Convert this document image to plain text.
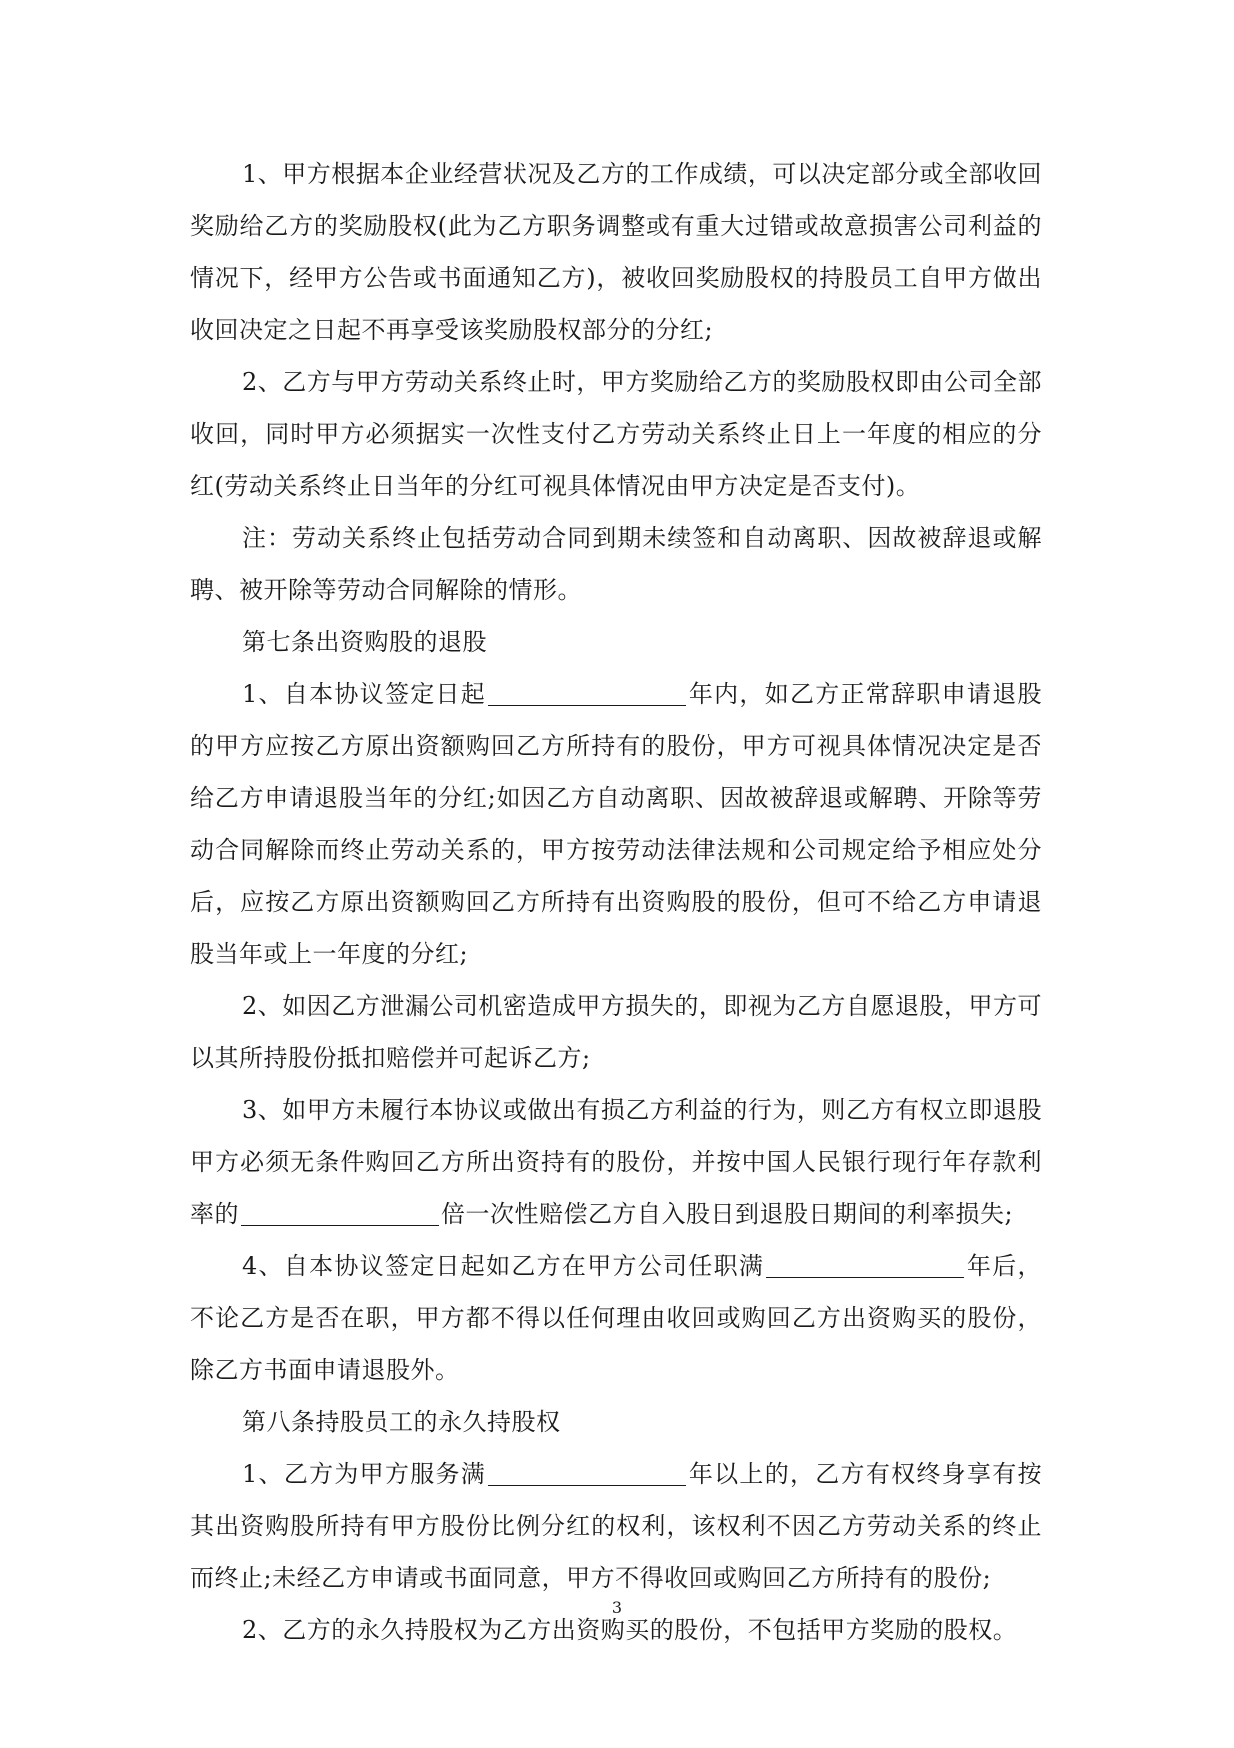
1、甲方根据本企业经营状况及乙方的工作成绩，可以决定部分或全部收回奖励给乙方的奖励股权(此为乙方职务调整或有重大过错或故意损害公司利益的情况下，经甲方公告或书面通知乙方)，被收回奖励股权的持股员工自甲方做出收回决定之日起不再享受该奖励股权部分的分红;

2、乙方与甲方劳动关系终止时，甲方奖励给乙方的奖励股权即由公司全部收回，同时甲方必须据实一次性支付乙方劳动关系终止日上一年度的相应的分红(劳动关系终止日当年的分红可视具体情况由甲方决定是否支付)。

注：劳动关系终止包括劳动合同到期未续签和自动离职、因故被辞退或解聘、被开除等劳动合同解除的情形。

第七条出资购股的退股

1、自本协议签定日起	年内，如乙方正常辞职申请退股的甲方应按乙方原出资额购回乙方所持有的股份，甲方可视具体情况决定是否给乙方申请退股当年的分红;如因乙方自动离职、因故被辞退或解聘、开除等劳动合同解除而终止劳动关系的，甲方按劳动法律法规和公司规定给予相应处分后，应按乙方原出资额购回乙方所持有出资购股的股份，但可不给乙方申请退股当年或上一年度的分红;

2、如因乙方泄漏公司机密造成甲方损失的，即视为乙方自愿退股，甲方可以其所持股份抵扣赔偿并可起诉乙方;

3、如甲方未履行本协议或做出有损乙方利益的行为，则乙方有权立即退股甲方必须无条件购回乙方所出资持有的股份，并按中国人民银行现行年存款利率的	倍一次性赔偿乙方自入股日到退股日期间的利率损失;

4、自本协议签定日起如乙方在甲方公司任职满	年后，不论乙方是否在职，甲方都不得以任何理由收回或购回乙方出资购买的股份，除乙方书面申请退股外。

第八条持股员工的永久持股权

1、乙方为甲方服务满	年以上的，乙方有权终身享有按其出资购股所持有甲方股份比例分红的权利，该权利不因乙方劳动关系的终止而终止;未经乙方申请或书面同意，甲方不得收回或购回乙方所持有的股份;

2、乙方的永久持股权为乙方出资购买的股份，不包括甲方奖励的股权。

3
